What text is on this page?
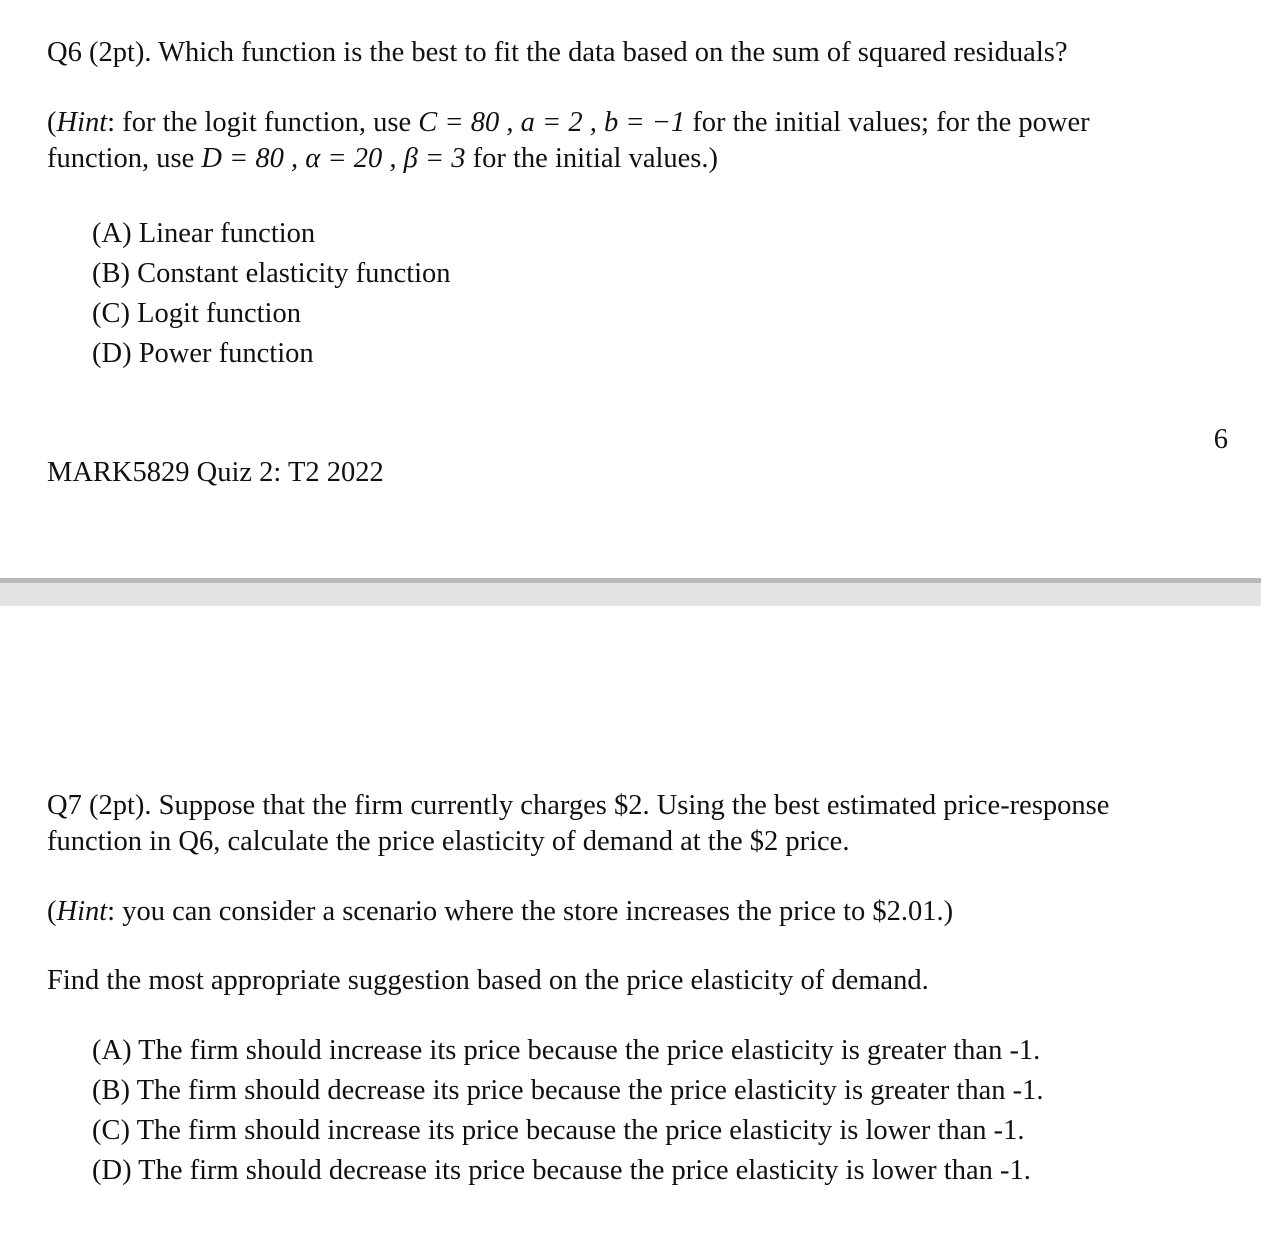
Q6 (2pt). Which function is the best to fit the data based on the sum of squared residuals?
(Hint: for the logit function, use C = 80 , a = 2 , b = −1 for the initial values; for the power
function, use D = 80 , α = 20 , β = 3 for the initial values.)
(A) Linear function
(B) Constant elasticity function
(C) Logit function
(D) Power function
6
MARK5829 Quiz 2: T2 2022
Q7 (2pt). Suppose that the firm currently charges $2. Using the best estimated price-response
function in Q6, calculate the price elasticity of demand at the $2 price.
(Hint: you can consider a scenario where the store increases the price to $2.01.)
Find the most appropriate suggestion based on the price elasticity of demand.
(A) The firm should increase its price because the price elasticity is greater than -1.
(B) The firm should decrease its price because the price elasticity is greater than -1.
(C) The firm should increase its price because the price elasticity is lower than -1.
(D) The firm should decrease its price because the price elasticity is lower than -1.
